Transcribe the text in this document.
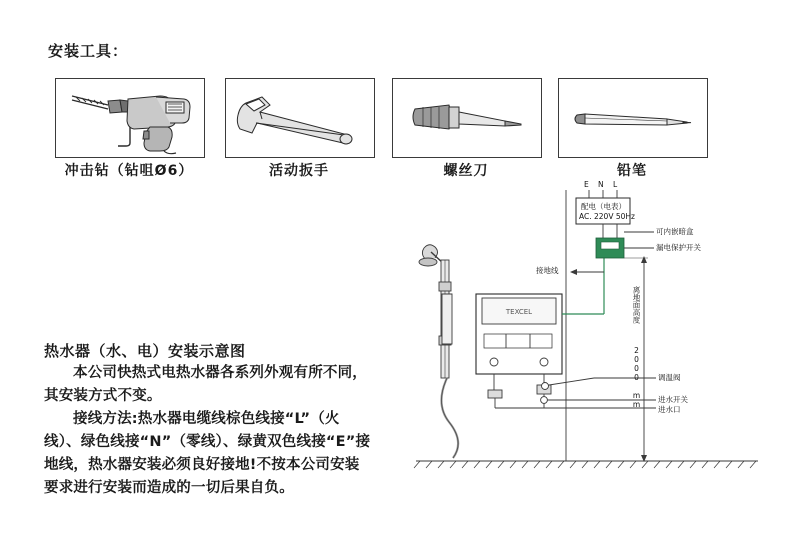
安装工具：
冲击钻（钻咀Ø6）	活动扳手	螺丝刀	铅笔
热水器（水、电）安装示意图

本公司快热式电热水器各系列外观有所不同，其安装方式不变。

接线方法:热水器电缆线棕色线接“L”（火线）、绿色线接“N”（零线）、绿黄双色线接“E”接地线，热水器安装必须良好接地!不按本公司安装要求进行安装而造成的一切后果自负。

TEXCEL
E N L
配电（电表）
AC. 220V 50Hz
可内嵌暗盒
漏电保护开关
调温阀
进水开关
进水口
接地线
离地面高度
2000 mm
